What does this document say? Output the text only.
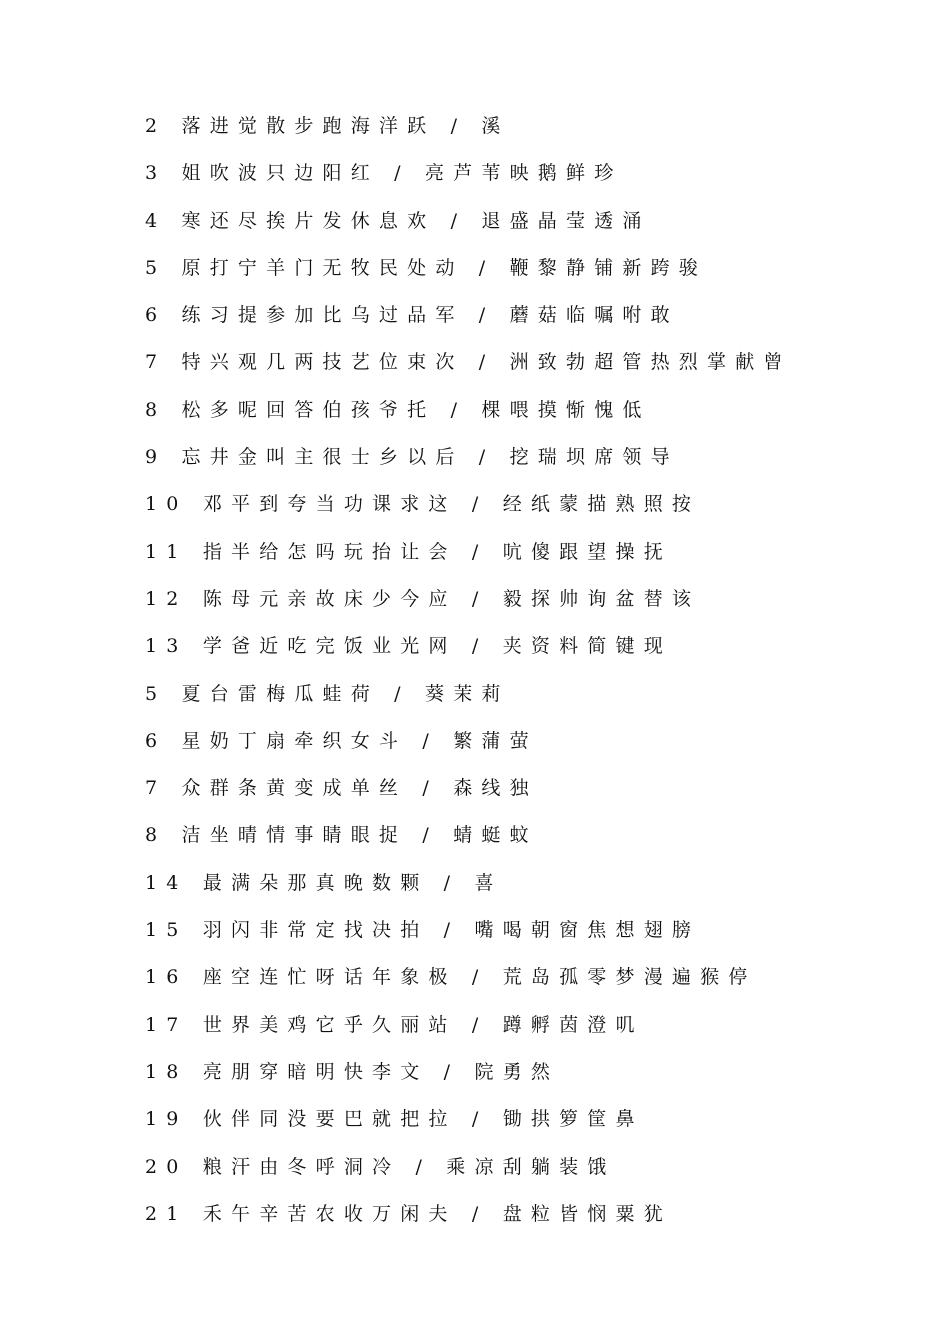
2 落进觉散步跑海洋跃 / 溪
3 姐吹波只边阳红 / 亮芦苇映鹅鲜珍
4 寒还尽挨片发休息欢 / 退盛晶莹透涌
5 原打宁羊门无牧民处动 / 鞭黎静铺新跨骏
6 练习提参加比乌过品军 / 蘑菇临嘱咐敢
7 特兴观几两技艺位束次 / 洲致勃超管热烈掌献曾
8 松多呢回答伯孩爷托 / 棵喂摸惭愧低
9 忘井金叫主很士乡以后 / 挖瑞坝席领导
10 邓平到夸当功课求这 / 经纸蒙描熟照按
11 指半给怎吗玩抬让会 / 吭傻跟望操抚
12 陈母元亲故床少今应 / 毅探帅询盆替该
13 学爸近吃完饭业光网 / 夹资料简键现
5 夏台雷梅瓜蛙荷 / 葵茉莉
6 星奶丁扇牵织女斗 / 繁蒲萤
7 众群条黄变成单丝 / 森线独
8 洁坐晴情事睛眼捉 / 蜻蜓蚊
14 最满朵那真晚数颗 / 喜
15 羽闪非常定找决拍 / 嘴喝朝窗焦想翅膀
16 座空连忙呀话年象极 / 荒岛孤零梦漫遍猴停
17 世界美鸡它乎久丽站 / 蹲孵茵澄叽
18 亮朋穿暗明快李文 / 院勇然
19 伙伴同没要巴就把拉 / 锄拱箩筐鼻
20 粮汗由冬呼洞冷 / 乘凉刮躺装饿
21 禾午辛苦农收万闲夫 / 盘粒皆悯粟犹
